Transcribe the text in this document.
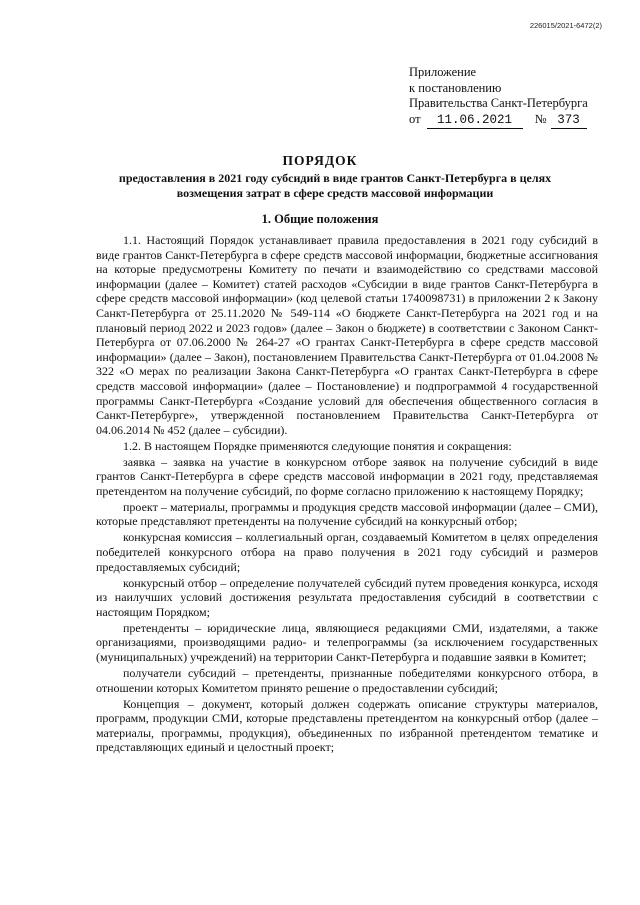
226015/2021-6472(2)
Приложение
к постановлению
Правительства Санкт-Петербурга
от	11.06.2021	№ 373
ПОРЯДОК
предоставления в 2021 году субсидий в виде грантов Санкт-Петербурга в целях возмещения затрат в сфере средств массовой информации
1. Общие положения

1.1. Настоящий Порядок устанавливает правила предоставления в 2021 году субсидий в виде грантов Санкт-Петербурга в сфере средств массовой информации, бюджетные ассигнования на которые предусмотрены Комитету по печати и взаимодействию со средствами массовой информации (далее – Комитет) статей расходов «Субсидии в виде грантов Санкт-Петербурга в сфере средств массовой информации» (код целевой статьи 1740098731) в приложении 2 к Закону Санкт-Петербурга от 25.11.2020 № 549-114 «О бюджете Санкт-Петербурга на 2021 год и на плановый период 2022 и 2023 годов» (далее – Закон о бюджете) в соответствии с Законом Санкт-Петербурга от 07.06.2000 № 264-27 «О грантах Санкт-Петербурга в сфере средств массовой информации» (далее – Закон), постановлением Правительства Санкт-Петербурга от 01.04.2008 № 322 «О мерах по реализации Закона Санкт-Петербурга «О грантах Санкт-Петербурга в сфере средств массовой информации» (далее – Постановление) и подпрограммой 4 государственной программы Санкт-Петербурга «Создание условий для обеспечения общественного согласия в Санкт-Петербурге», утвержденной постановлением Правительства Санкт-Петербурга от 04.06.2014 № 452 (далее – субсидии).

1.2. В настоящем Порядке применяются следующие понятия и сокращения:

заявка – заявка на участие в конкурсном отборе заявок на получение субсидий в виде грантов Санкт-Петербурга в сфере средств массовой информации в 2021 году, представляемая претендентом на получение субсидий, по форме согласно приложению к настоящему Порядку;

проект – материалы, программы и продукция средств массовой информации (далее – СМИ), которые представляют претенденты на получение субсидий на конкурсный отбор;

конкурсная комиссия – коллегиальный орган, создаваемый Комитетом в целях определения победителей конкурсного отбора на право получения в 2021 году субсидий и размеров предоставляемых субсидий;

конкурсный отбор – определение получателей субсидий путем проведения конкурса, исходя из наилучших условий достижения результата предоставления субсидий в соответствии с настоящим Порядком;

претенденты – юридические лица, являющиеся редакциями СМИ, издателями, а также организациями, производящими радио- и телепрограммы (за исключением государственных (муниципальных) учреждений) на территории Санкт-Петербурга и подавшие заявки в Комитет;

получатели субсидий – претенденты, признанные победителями конкурсного отбора, в отношении которых Комитетом принято решение о предоставлении субсидий;

Концепция – документ, который должен содержать описание структуры материалов, программ, продукции СМИ, которые представлены претендентом на конкурсный отбор (далее – материалы, программы, продукция), объединенных по избранной претендентом тематике и представляющих единый и целостный проект;
